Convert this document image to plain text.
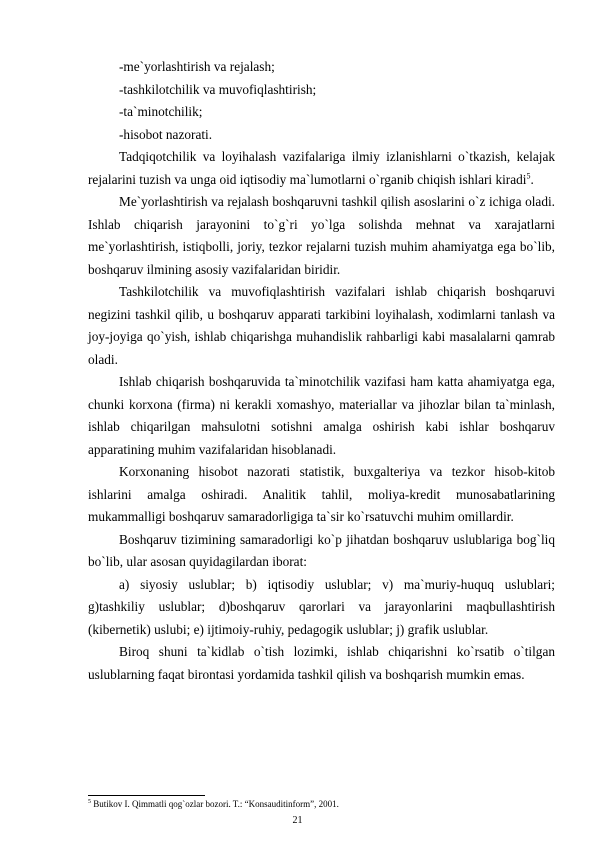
-me`yorlashtirish va rejalash;

-tashkilotchilik va muvofiqlashtirish;

-ta`minotchilik;

-hisobot nazorati.

Tadqiqotchilik va loyihalash vazifalariga ilmiy izlanishlarni o`tkazish, kelajak rejalarini tuzish va unga oid iqtisodiy ma`lumotlarni o`rganib chiqish ishlari kiradi$^5$.

Me`yorlashtirish va rejalash boshqaruvni tashkil qilish asoslarini o`z ichiga oladi. Ishlab chiqarish jarayonini to`g`ri yo`lga solishda mehnat va xarajatlarni me`yorlashtirish, istiqbolli, joriy, tezkor rejalarni tuzish muhim ahamiyatga ega bo`lib, boshqaruv ilmining asosiy vazifalaridan biridir.

Tashkilotchilik va muvofiqlashtirish vazifalari ishlab chiqarish boshqaruvi negizini tashkil qilib, u boshqaruv apparati tarkibini loyihalash, xodimlarni tanlash va joy-joyiga qo`yish, ishlab chiqarishga muhandislik rahbarligi kabi masalalarni qamrab oladi.

Ishlab chiqarish boshqaruvida ta`minotchilik vazifasi ham katta ahamiyatga ega, chunki korxona (firma) ni kerakli xomashyo, materiallar va jihozlar bilan ta`minlash, ishlab chiqarilgan mahsulotni sotishni amalga oshirish kabi ishlar boshqaruv apparatining muhim vazifalaridan hisoblanadi.

Korxonaning hisobot nazorati statistik, buxgalteriya va tezkor hisob-kitob ishlarini amalga oshiradi. Analitik tahlil, moliya-kredit munosabatlarining mukammalligi boshqaruv samaradorligiga ta`sir ko`rsatuvchi muhim omillardir.

Boshqaruv tizimining samaradorligi ko`p jihatdan boshqaruv uslublariga bog`liq bo`lib, ular asosan quyidagilardan iborat:

a) siyosiy uslublar; b) iqtisodiy uslublar; v) ma`muriy-huquq uslublari; g)tashkiliy uslublar; d)boshqaruv qarorlari va jarayonlarini maqbullashtirish (kibernetik) uslubi; e) ijtimoiy-ruhiy, pedagogik uslublar; j) grafik uslublar.

Biroq shuni ta`kidlab o`tish lozimki, ishlab chiqarishni ko`rsatib o`tilgan uslublarning faqat birontasi yordamida tashkil qilish va boshqarish mumkin emas.

$^5$ Butikov I. Qimmatli qog`ozlar bozori. T.: “Konsauditinform”, 2001.
21
